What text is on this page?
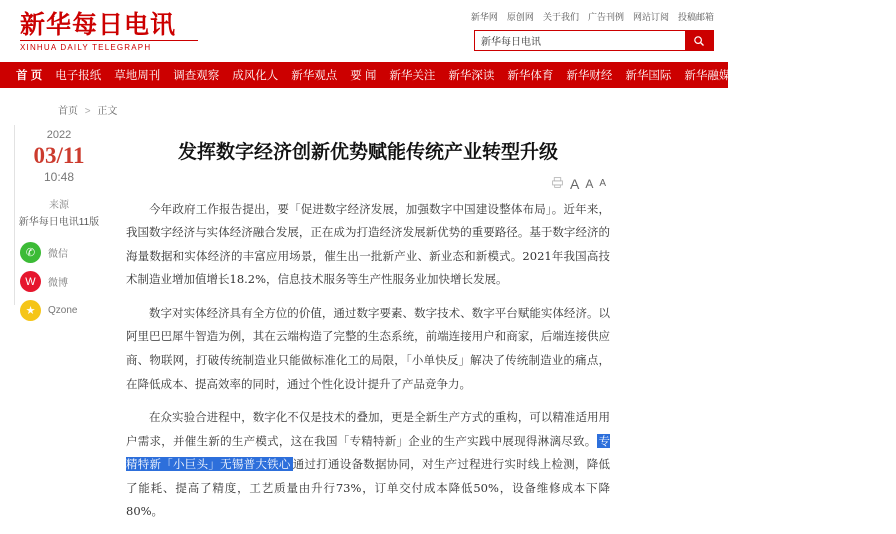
新华每日电讯
XINHUA DAILY TELEGRAPH
新华网 原创网 关于我们 广告刊例 网站订阅 投稿邮箱
新华每日电讯
首 页 电子报纸 草地周刊 调查观察 成风化人 新华观点 要 闻 新华关注 新华深读 新华体育 新华财经 新华国际 新华融媒 精彩专题 医卫健康 看天下
首页 > 正文
2022
03/11
10:48
来源
新华每日电讯11版
✆	微信
W	微博
★	Qzone
发挥数字经济创新优势赋能传统产业转型升级
A A A

今年政府工作报告提出，要「促进数字经济发展，加强数字中国建设整体布局」。近年来，我国数字经济与实体经济融合发展，正在成为打造经济发展新优势的重要路径。基于数字经济的海量数据和实体经济的丰富应用场景，催生出一批新产业、新业态和新模式。2021年我国高技术制造业增加值增长18.2%，信息技术服务等生产性服务业加快增长发展。

数字对实体经济具有全方位的价值，通过数字要素、数字技术、数字平台赋能实体经济。以阿里巴巴犀牛智造为例，其在云端构造了完整的生态系统，前端连接用户和商家，后端连接供应商、物联网，打破传统制造业只能做标准化工的局限，「小单快反」解决了传统制造业的痛点，在降低成本、提高效率的同时，通过个性化设计提升了产品竞争力。

在众实验合进程中，数字化不仅是技术的叠加，更是全新生产方式的重构，可以精准适用用户需求，并催生新的生产模式，这在我国「专精特新」企业的生产实践中展现得淋漓尽致。 专精特新「小巨头」无锡普大铁心 通过打通设备数据协同，对生产过程进行实时线上检测，降低了能耗、提高了精度，工艺质量由升行73%，订单交付成本降低50%，设备维修成本下降80%。
